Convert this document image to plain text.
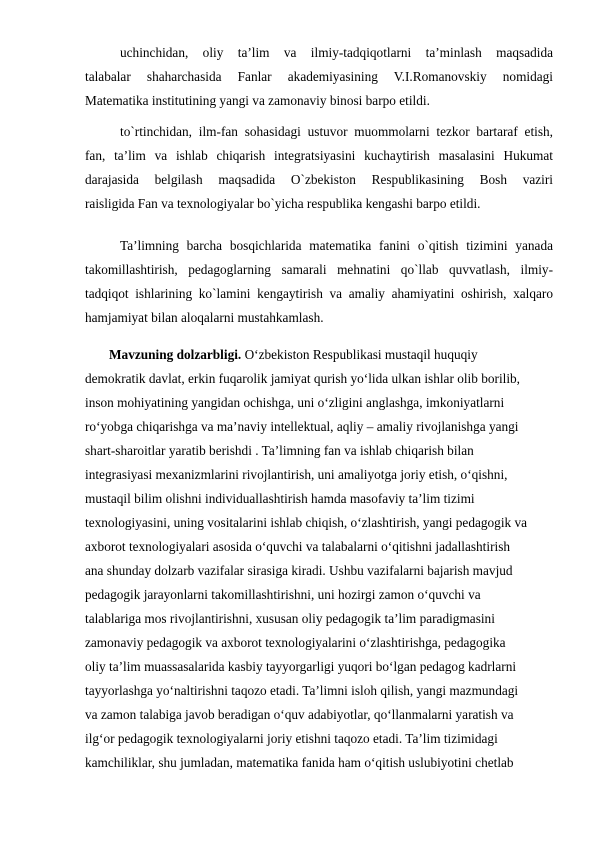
uchinchidan, oliy ta’lim va ilmiy-tadqiqotlarni ta’minlash maqsadida
talabalar shaharchasida Fanlar akademiyasining V.I.Romanovskiy nomidagi
Matematika institutining yangi va zamonaviy binosi barpo etildi.
to`rtinchidan, ilm-fan sohasidagi ustuvor muommolarni tezkor bartaraf etish,
fan, ta’lim va ishlab chiqarish integratsiyasini kuchaytirish masalasini Hukumat
darajasida belgilash maqsadida O`zbekiston Respublikasining Bosh vaziri
raisligida Fan va texnologiyalar bo`yicha respublika kengashi barpo etildi.
Ta’limning barcha bosqichlarida matematika fanini o`qitish tizimini yanada
takomillashtirish, pedagoglarning samarali mehnatini qo`llab quvvatlash, ilmiy-
tadqiqot ishlarining ko`lamini kengaytirish va amaliy ahamiyatini oshirish, xalqaro
hamjamiyat bilan aloqalarni mustahkamlash.
Mavzuning dolzarbligi. O‘zbekiston Respublikasi mustaqil huquqiy
demokratik davlat, erkin fuqarolik jamiyat qurish yo‘lida ulkan ishlar olib borilib,
inson mohiyatining yangidan ochishga, uni o‘zligini anglashga, imkoniyatlarni
ro‘yobga chiqarishga va ma’naviy intellektual, aqliy – amaliy rivojlanishga yangi
shart-sharoitlar yaratib berishdi . Ta’limning fan va ishlab chiqarish bilan
integrasiyasi mexanizmlarini rivojlantirish, uni amaliyotga joriy etish, o‘qishni,
mustaqil bilim olishni individuallashtirish hamda masofaviy ta’lim tizimi
texnologiyasini, uning vositalarini ishlab chiqish, o‘zlashtirish, yangi pedagogik va
axborot texnologiyalari asosida o‘quvchi va talabalarni o‘qitishni jadallashtirish
ana shunday dolzarb vazifalar sirasiga kiradi. Ushbu vazifalarni bajarish mavjud
pedagogik jarayonlarni takomillashtirishni, uni hozirgi zamon o‘quvchi va
talablariga mos rivojlantirishni, xususan oliy pedagogik ta’lim paradigmasini
zamonaviy pedagogik va axborot texnologiyalarini o‘zlashtirishga, pedagogika
oliy ta’lim muassasalarida kasbiy tayyorgarligi yuqori bo‘lgan pedagog kadrlarni
tayyorlashga yo‘naltirishni taqozo etadi. Ta’limni isloh qilish, yangi mazmundagi
va zamon talabiga javob beradigan o‘quv adabiyotlar, qo‘llanmalarni yaratish va
ilg‘or pedagogik texnologiyalarni joriy etishni taqozo etadi. Ta’lim tizimidagi
kamchiliklar, shu jumladan, matematika fanida ham o‘qitish uslubiyotini chetlab
